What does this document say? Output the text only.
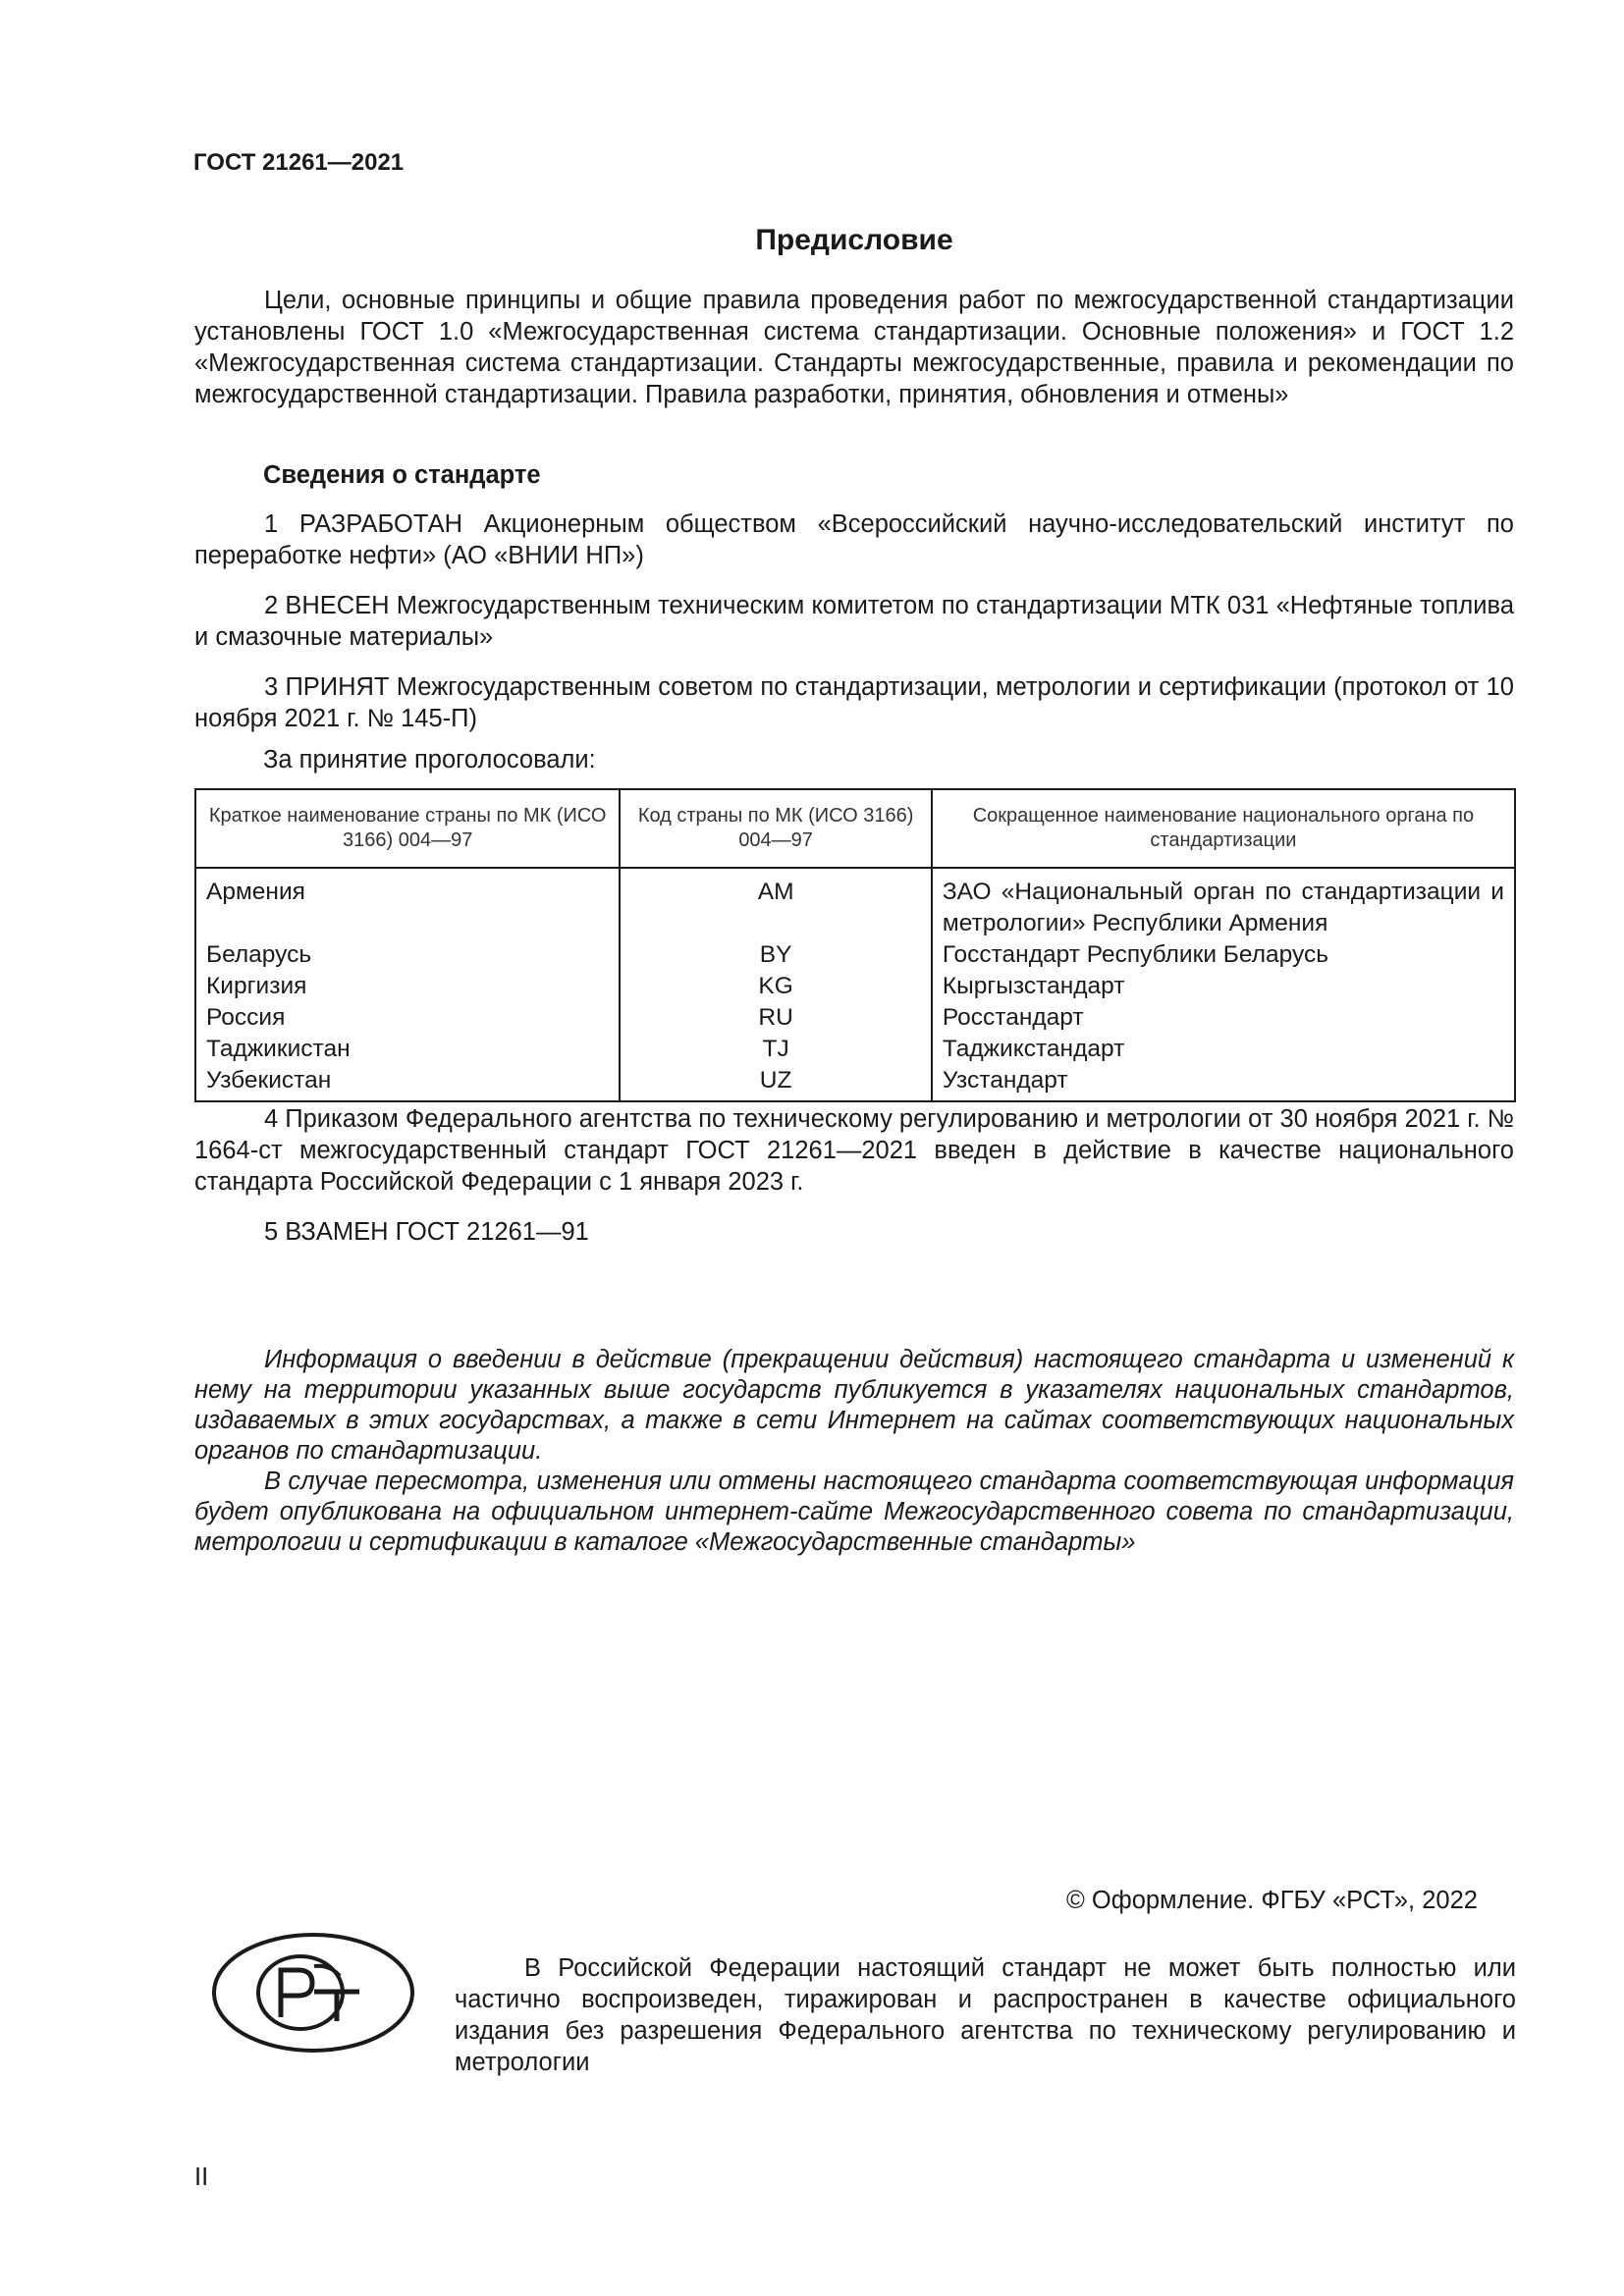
ГОСТ 21261—2021
Предисловие

Цели, основные принципы и общие правила проведения работ по межгосударственной стандартизации установлены ГОСТ 1.0 «Межгосударственная система стандартизации. Основные положения» и ГОСТ 1.2 «Межгосударственная система стандартизации. Стандарты межгосударственные, правила и рекомендации по межгосударственной стандартизации. Правила разработки, принятия, обновления и отмены»

Сведения о стандарте

1 РАЗРАБОТАН Акционерным обществом «Всероссийский научно-исследовательский институт по переработке нефти» (АО «ВНИИ НП»)

2 ВНЕСЕН Межгосударственным техническим комитетом по стандартизации МТК 031 «Нефтяные топлива и смазочные материалы»

3 ПРИНЯТ Межгосударственным советом по стандартизации, метрологии и сертификации (протокол от 10 ноября 2021 г. № 145-П)

За принятие проголосовали:
Краткое наименование страны по МК (ИСО 3166) 004—97	Код страны по МК (ИСО 3166) 004—97	Сокращенное наименование национального органа по стандартизации
Армения	AM	ЗАО «Национальный орган по стандартизации и метрологии» Республики Армения
Беларусь	BY	Госстандарт Республики Беларусь
Киргизия	KG	Кыргызстандарт
Россия	RU	Росстандарт
Таджикистан	TJ	Таджикстандарт
Узбекистан	UZ	Узстандарт

4 Приказом Федерального агентства по техническому регулированию и метрологии от 30 ноября 2021 г. № 1664-ст межгосударственный стандарт ГОСТ 21261—2021 введен в действие в качестве национального стандарта Российской Федерации с 1 января 2023 г.

5 ВЗАМЕН ГОСТ 21261—91

Информация о введении в действие (прекращении действия) настоящего стандарта и изменений к нему на территории указанных выше государств публикуется в указателях национальных стандартов, издаваемых в этих государствах, а также в сети Интернет на сайтах соответствующих национальных органов по стандартизации.

В случае пересмотра, изменения или отмены настоящего стандарта соответствующая информация будет опубликована на официальном интернет-сайте Межгосударственного совета по стандартизации, метрологии и сертификации в каталоге «Межгосударственные стандарты»

© Оформление. ФГБУ «РСТ», 2022

В Российской Федерации настоящий стандарт не может быть полностью или частично воспроизведен, тиражирован и распространен в качестве официального издания без разрешения Федерального агентства по техническому регулированию и метрологии

II
